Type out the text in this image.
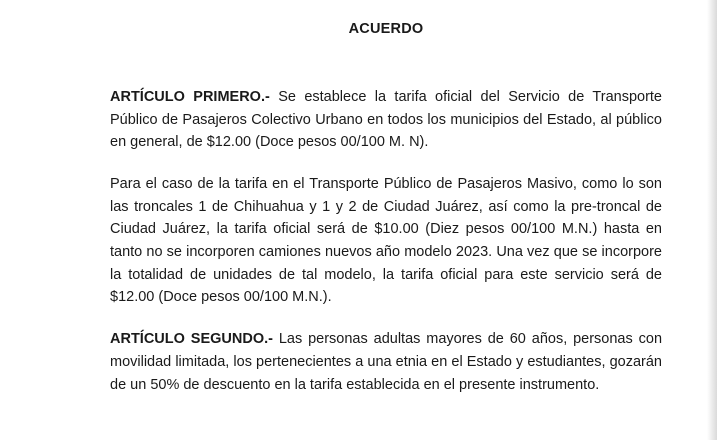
ACUERDO

ARTÍCULO PRIMERO.- Se establece la tarifa oficial del Servicio de Transporte Público de Pasajeros Colectivo Urbano en todos los municipios del Estado, al público en general, de $12.00 (Doce pesos 00/100 M. N).

Para el caso de la tarifa en el Transporte Público de Pasajeros Masivo, como lo son las troncales 1 de Chihuahua y 1 y 2 de Ciudad Juárez, así como la pre-troncal de Ciudad Juárez, la tarifa oficial será de $10.00 (Diez pesos 00/100 M.N.) hasta en tanto no se incorporen camiones nuevos año modelo 2023. Una vez que se incorpore la totalidad de unidades de tal modelo, la tarifa oficial para este servicio será de $12.00 (Doce pesos 00/100 M.N.).

ARTÍCULO SEGUNDO.- Las personas adultas mayores de 60 años, personas con movilidad limitada, los pertenecientes a una etnia en el Estado y estudiantes, gozarán de un 50% de descuento en la tarifa establecida en el presente instrumento.
